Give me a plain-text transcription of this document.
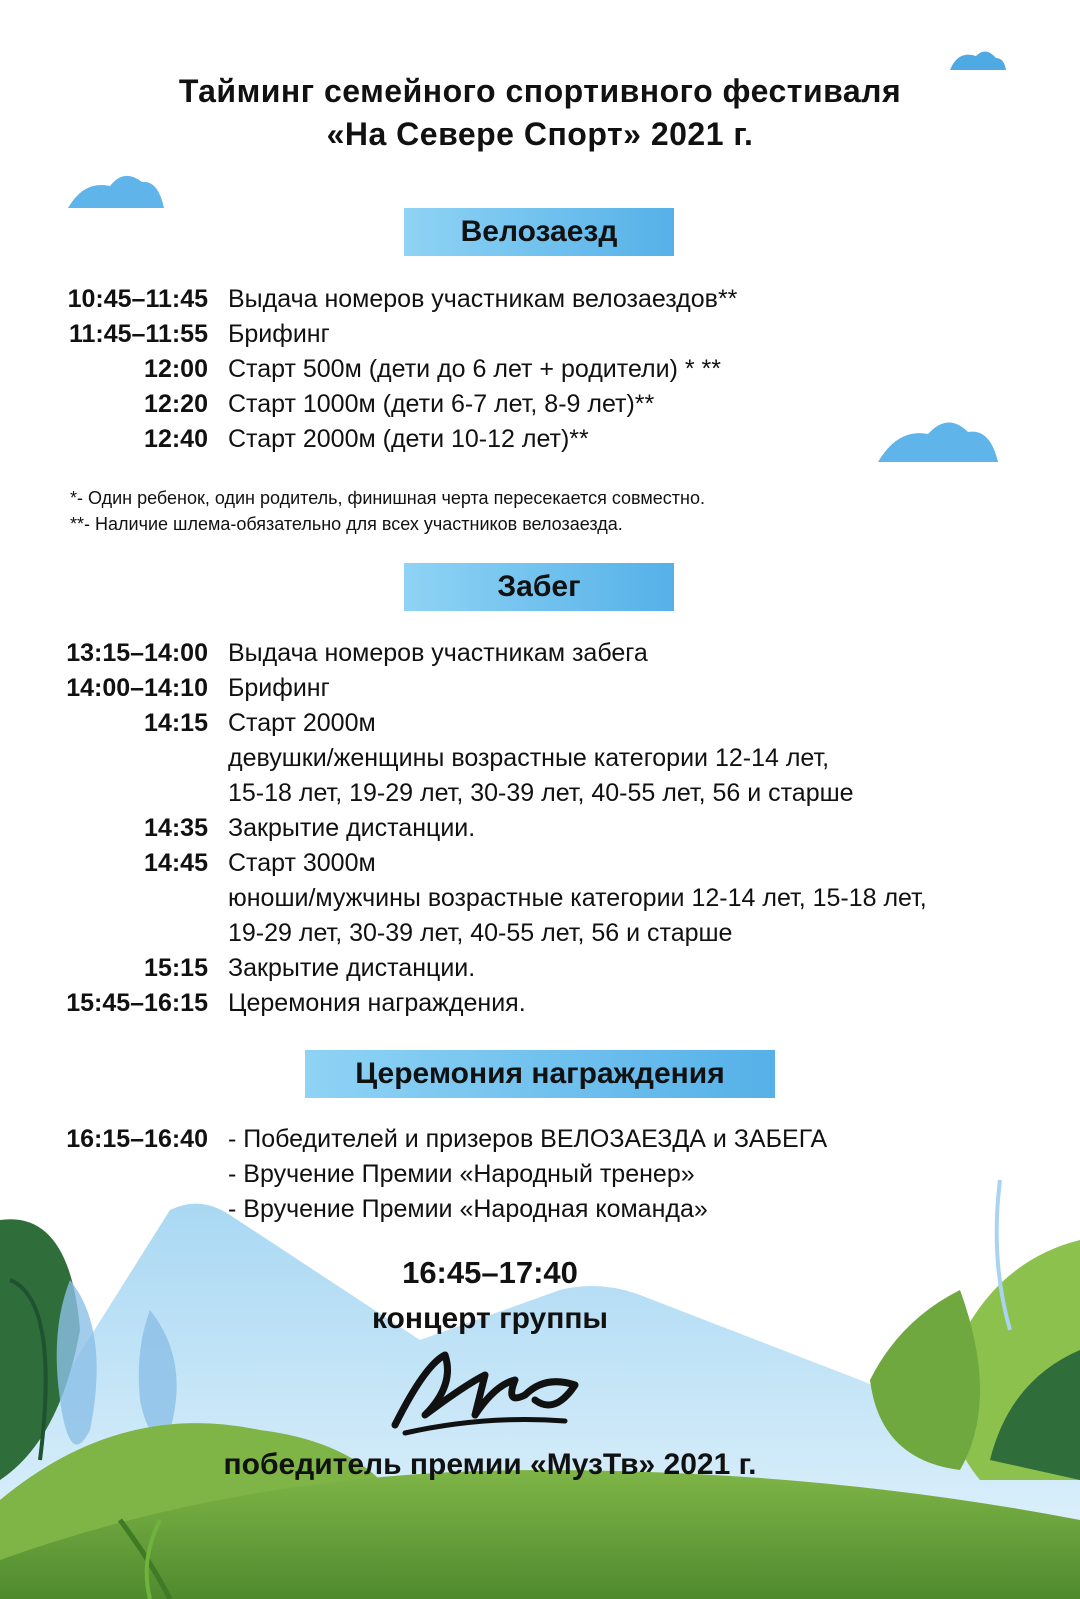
Тайминг семейного спортивного фестиваля
«На Севере Спорт» 2021 г.
Велозаезд
10:45–11:45 Выдача номеров участникам велозаездов**
11:45–11:55 Брифинг
12:00 Старт 500м (дети до 6 лет + родители) * **
12:20 Старт 1000м (дети 6-7 лет, 8-9 лет)**
12:40 Старт 2000м (дети 10-12 лет)**
*- Один ребенок, один родитель, финишная черта пересекается совместно.
**- Наличие шлема-обязательно для всех участников велозаезда.
Забег
13:15–14:00 Выдача номеров участникам забега
14:00–14:10 Брифинг
14:15 Старт 2000м
девушки/женщины возрастные категории 12-14 лет,
15-18 лет, 19-29 лет, 30-39 лет, 40-55 лет, 56 и старше
14:35 Закрытие дистанции.
14:45 Старт 3000м
юноши/мужчины возрастные категории 12-14 лет, 15-18 лет,
19-29 лет, 30-39 лет, 40-55 лет, 56 и старше
15:15 Закрытие дистанции.
15:45–16:15 Церемония награждения.
Церемония награждения
16:15–16:40 - Победителей и призеров ВЕЛОЗАЕЗДА и ЗАБЕГА
- Вручение Премии «Народный тренер»
- Вручение Премии «Народная команда»
16:45–17:40
концерт группы
победитель премии «МузТв» 2021 г.
